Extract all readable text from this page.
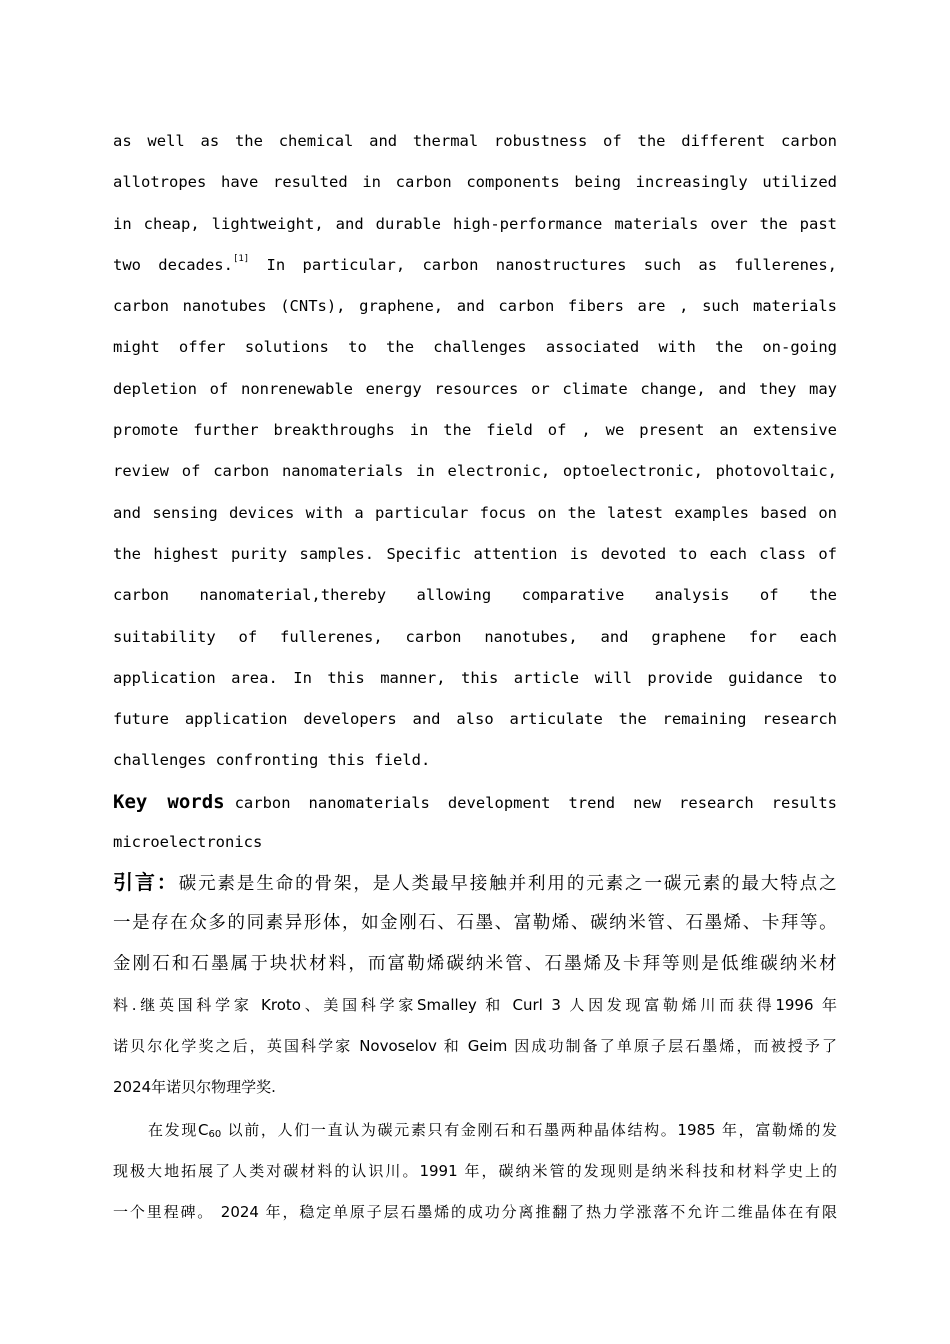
as well as the chemical and thermal robustness of the different carbon
allotropes have resulted in carbon components being increasingly utilized
in cheap, lightweight, and durable high-performance materials over the past
two decades.[1] In particular, carbon nanostructures such as fullerenes,
carbon nanotubes (CNTs), graphene, and carbon fibers are , such materials
might offer solutions to the challenges associated with the on-going
depletion of nonrenewable energy resources or climate change, and they may
promote further breakthroughs in the field of , we present an extensive
review of carbon nanomaterials in electronic, optoelectronic, photovoltaic,
and sensing devices with a particular focus on the latest examples based on
the highest purity samples. Specific attention is devoted to each class of
carbon nanomaterial,thereby allowing comparative analysis of the
suitability of fullerenes, carbon nanotubes, and graphene for each
application area. In this manner, this article will provide guidance to
future application developers and also articulate the remaining research
challenges confronting this field.
Key words carbon nanomaterials development trend new research results
microelectronics
引言：碳元素是生命的骨架，是人类最早接触并利用的元素之一碳元素的最大特点之
一是存在众多的同素异形体，如金刚石、石墨、富勒烯、碳纳米管、石墨烯、卡拜等。
金刚石和石墨属于块状材料，而富勒烯碳纳米管、石墨烯及卡拜等则是低维碳纳米材
料.继英国科学家 Kroto、美国科学家Smalley 和 Curl 3 人因发现富勒烯川而获得1996 年
诺贝尔化学奖之后，英国科学家 Novoselov 和 Geim 因成功制备了单原子层石墨烯，而被授予了
2024年诺贝尔物理学奖.
在发现$C_{60}$ 以前，人们一直认为碳元素只有金刚石和石墨两种晶体结构。1985 年，富勒烯的发
现极大地拓展了人类对碳材料的认识川。1991 年，碳纳米管的发现则是纳米科技和材料学史上的
一个里程碑。 2024 年，稳定单原子层石墨烯的成功分离推翻了热力学涨落不允许二维晶体在有限
